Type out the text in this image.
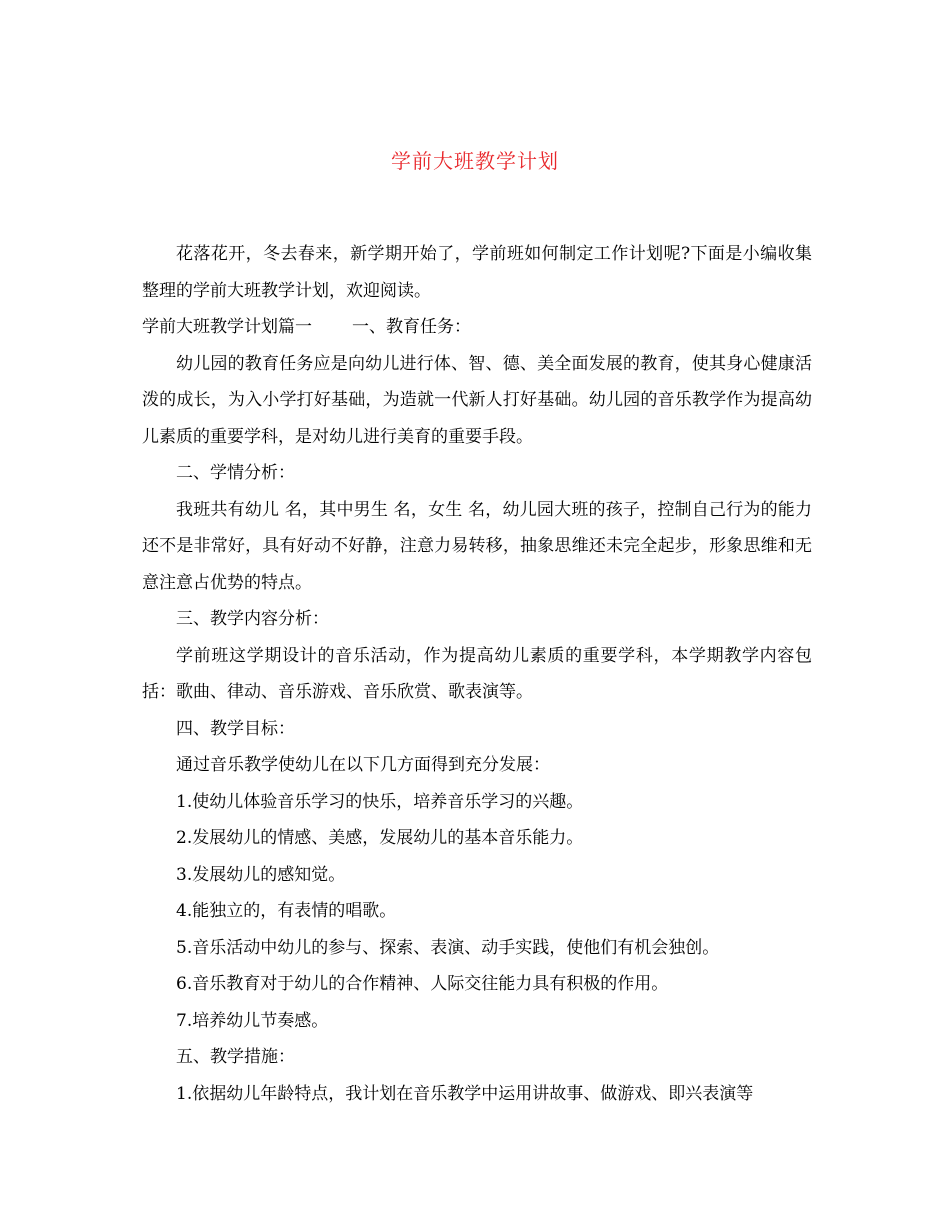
学前大班教学计划

花落花开，冬去春来，新学期开始了，学前班如何制定工作计划呢?下面是小编收集整理的学前大班教学计划，欢迎阅读。

学前大班教学计划篇一 一、教育任务：

幼儿园的教育任务应是向幼儿进行体、智、德、美全面发展的教育，使其身心健康活泼的成长，为入小学打好基础，为造就一代新人打好基础。幼儿园的音乐教学作为提高幼儿素质的重要学科，是对幼儿进行美育的重要手段。

二、学情分析：

我班共有幼儿 名，其中男生 名，女生 名，幼儿园大班的孩子，控制自己行为的能力还不是非常好，具有好动不好静，注意力易转移，抽象思维还未完全起步，形象思维和无意注意占优势的特点。

三、教学内容分析：

学前班这学期设计的音乐活动，作为提高幼儿素质的重要学科，本学期教学内容包括：歌曲、律动、音乐游戏、音乐欣赏、歌表演等。

四、教学目标：

通过音乐教学使幼儿在以下几方面得到充分发展：

1.使幼儿体验音乐学习的快乐，培养音乐学习的兴趣。

2.发展幼儿的情感、美感，发展幼儿的基本音乐能力。

3.发展幼儿的感知觉。

4.能独立的，有表情的唱歌。

5.音乐活动中幼儿的参与、探索、表演、动手实践，使他们有机会独创。

6.音乐教育对于幼儿的合作精神、人际交往能力具有积极的作用。

7.培养幼儿节奏感。

五、教学措施：

1.依据幼儿年龄特点，我计划在音乐教学中运用讲故事、做游戏、即兴表演等
